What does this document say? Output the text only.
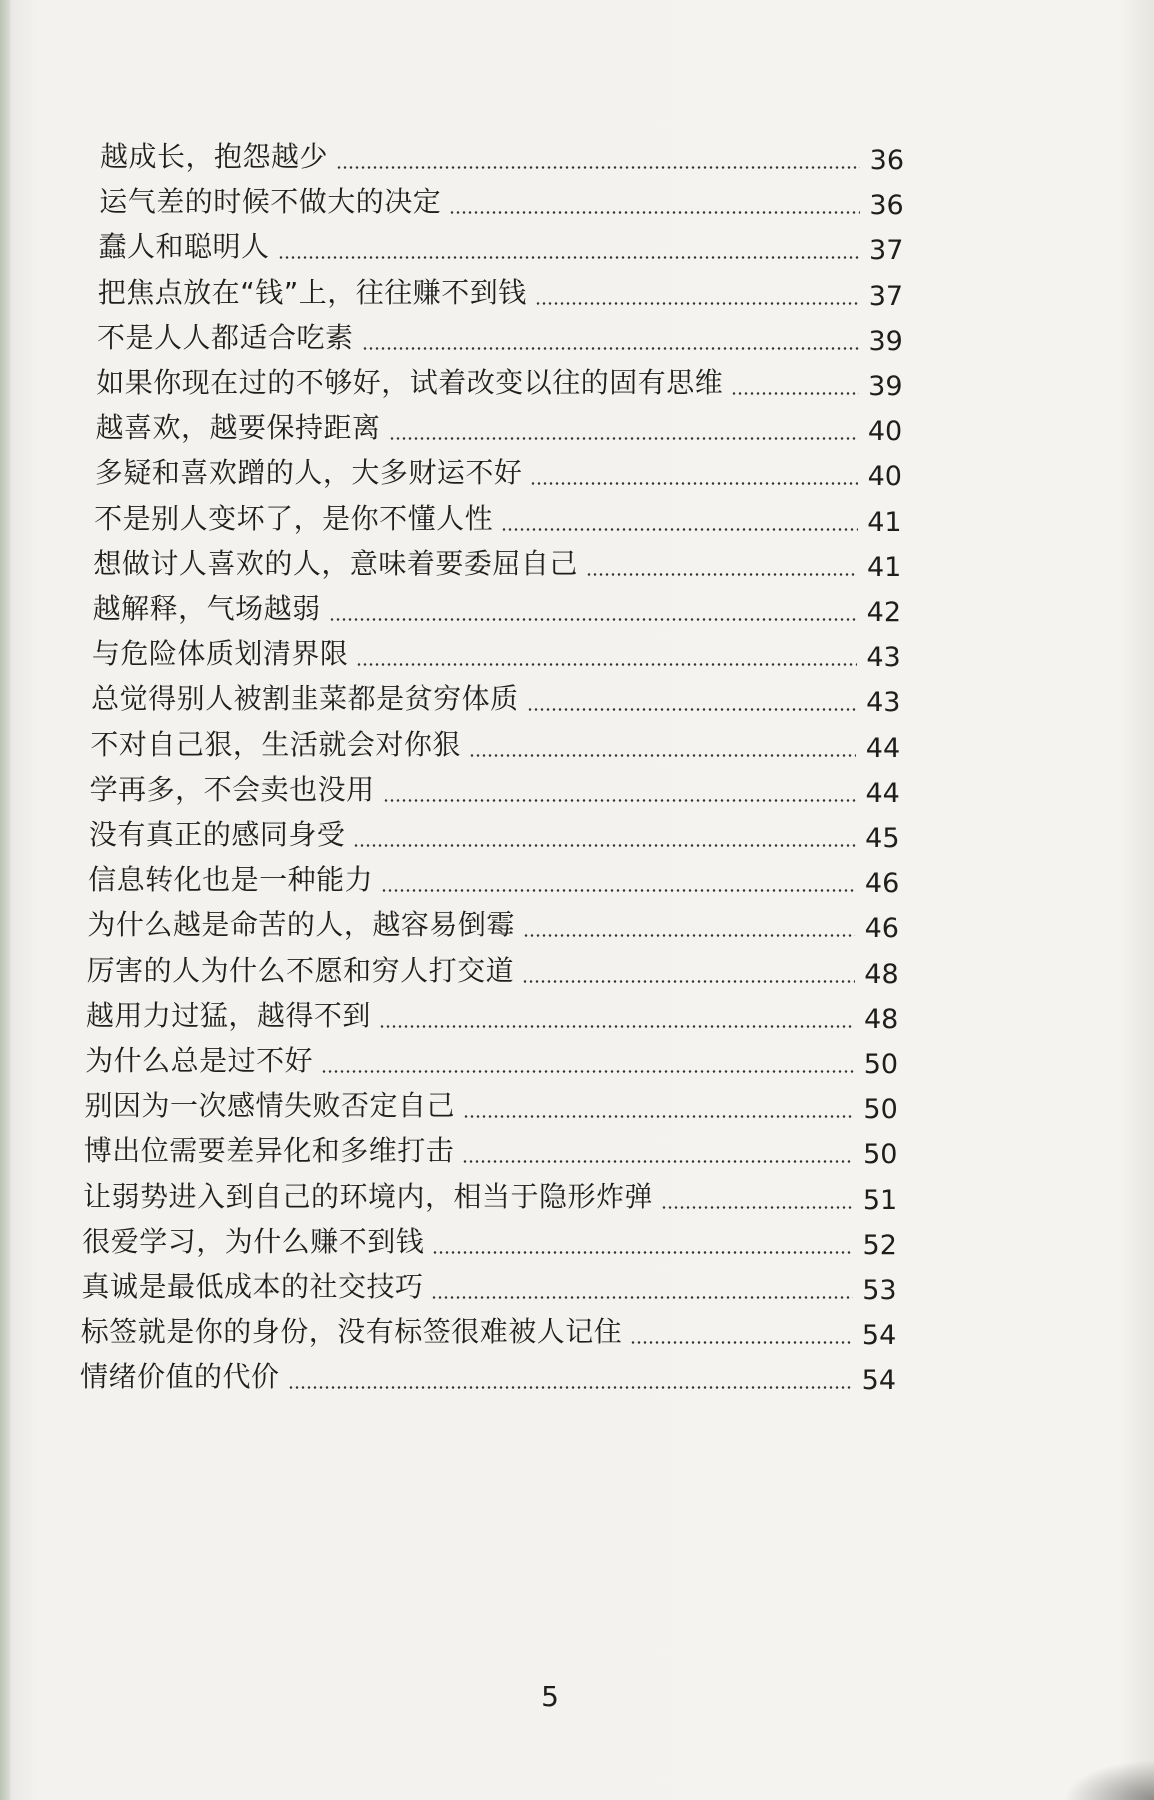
越成长，抱怨越少	36
运气差的时候不做大的决定	36
蠢人和聪明人	37
把焦点放在“钱”上，往往赚不到钱	37
不是人人都适合吃素	39
如果你现在过的不够好，试着改变以往的固有思维	39
越喜欢，越要保持距离	40
多疑和喜欢蹭的人，大多财运不好	40
不是别人变坏了，是你不懂人性	41
想做讨人喜欢的人，意味着要委屈自己	41
越解释，气场越弱	42
与危险体质划清界限	43
总觉得别人被割韭菜都是贫穷体质	43
不对自己狠，生活就会对你狠	44
学再多，不会卖也没用	44
没有真正的感同身受	45
信息转化也是一种能力	46
为什么越是命苦的人，越容易倒霉	46
厉害的人为什么不愿和穷人打交道	48
越用力过猛，越得不到	48
为什么总是过不好	50
别因为一次感情失败否定自己	50
博出位需要差异化和多维打击	50
让弱势进入到自己的环境内，相当于隐形炸弹	51
很爱学习，为什么赚不到钱	52
真诚是最低成本的社交技巧	53
标签就是你的身份，没有标签很难被人记住	54
情绪价值的代价	54
5
